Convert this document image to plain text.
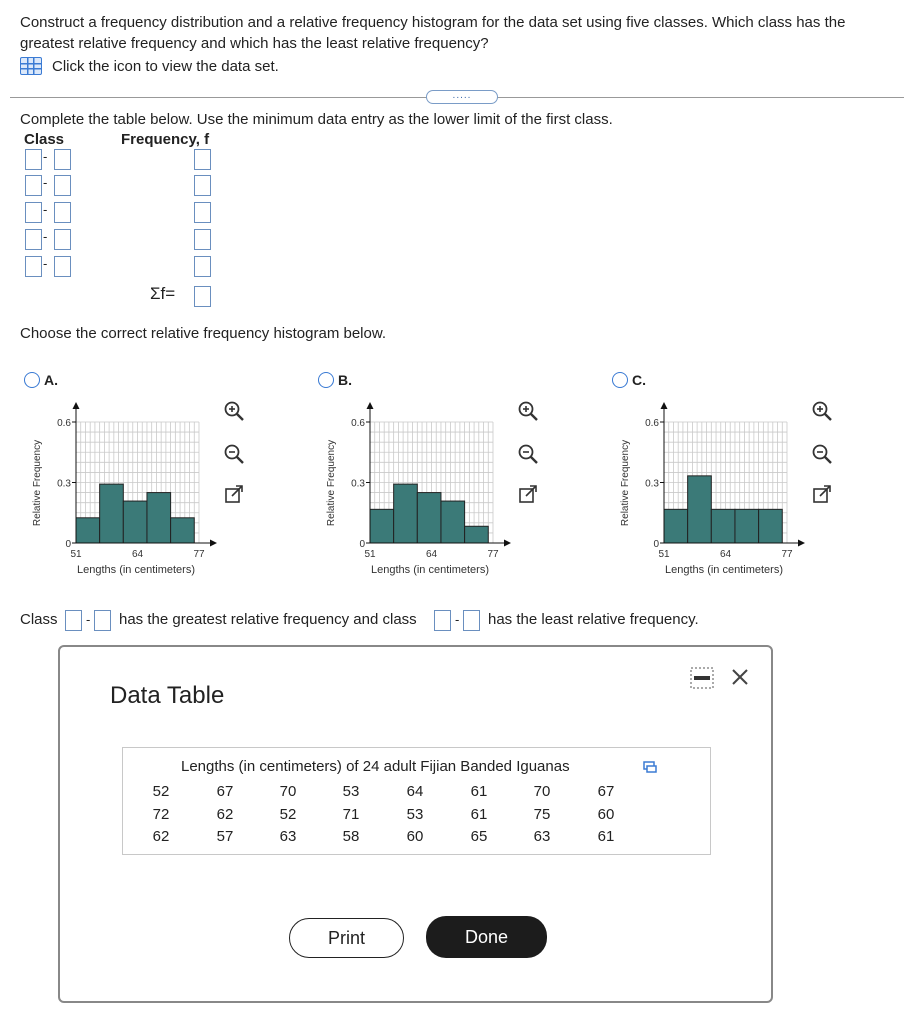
Construct a frequency distribution and a relative frequency histogram for the data set using five classes. Which class has the greatest relative frequency and which has the least relative frequency?
Click the icon to view the data set.
.....
Complete the table below. Use the minimum data entry as the lower limit of the first class.
Class	Frequency, f
-
-
-
-
-
Σf=
Choose the correct relative frequency histogram below.
A.
0
0.3
0.6
51	64	77
Lengths (in centimeters)
Relative Frequency
B.
0
0.3
0.6
51	64	77
Lengths (in centimeters)
Relative Frequency
C.
0
0.3
0.6
51	64	77
Lengths (in centimeters)
Relative Frequency
Class - has the greatest relative frequency and class	- has the least relative frequency.
Data Table
Lengths (in centimeters) of 24 adult Fijian Banded Iguanas
52	67	70	53	64	61	70	67
72	62	52	71	53	61	75	60
62	57	63	58	60	65	63	61
Print	Done
